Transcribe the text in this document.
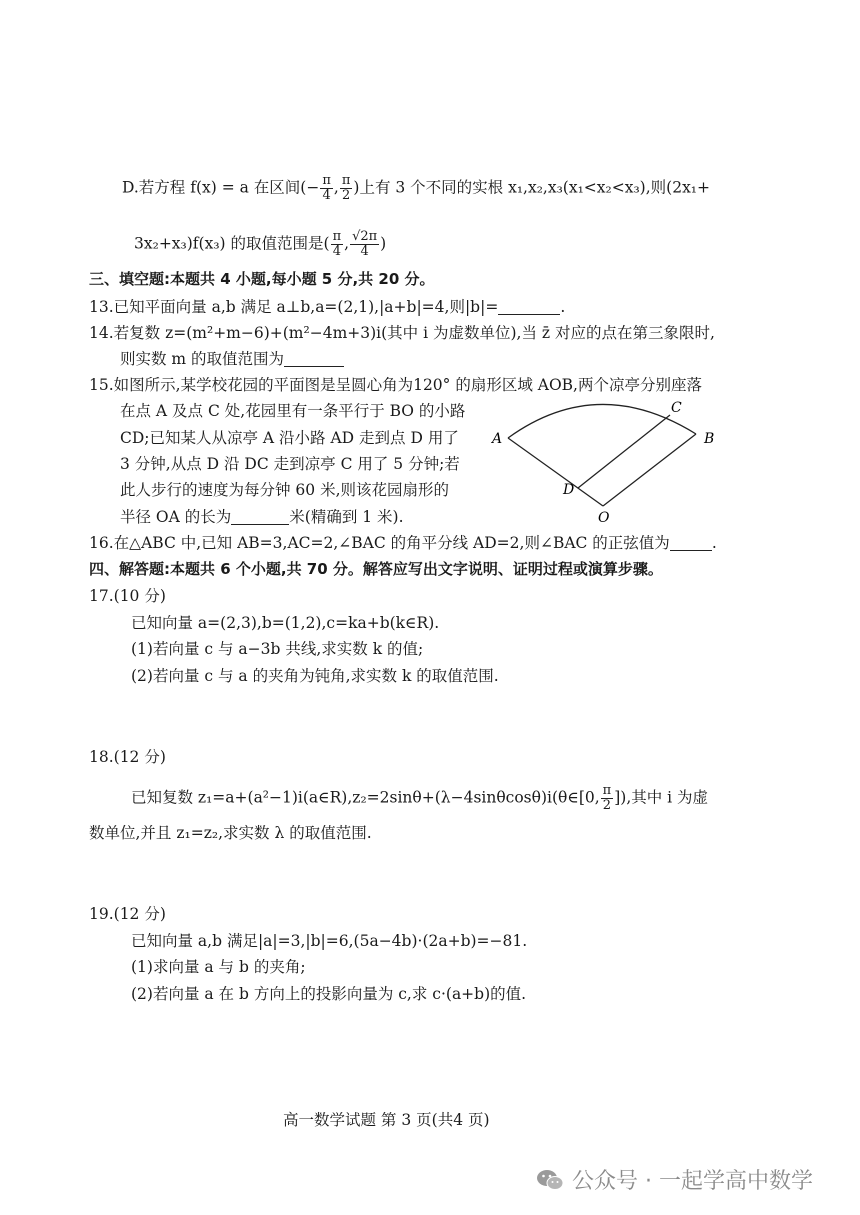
D.若方程 f(x) = a 在区间(− $\frac{\pi}{4}$ , $\frac{\pi}{2}$ )上有 3 个不同的实根 x₁,x₂,x₃(x₁<x₂<x₃),则(2x₁+
3x₂+x₃)f(x₃) 的取值范围是( $\frac{\pi}{4}$ , $\frac{√2\pi}{4}$ )
三、填空题:本题共 4 小题,每小题 5 分,共 20 分。
13.已知平面向量 a,b 满足 a⊥b,a=(2,1),|a+b|=4,则|b|=	.
14.若复数 z=(m²+m−6)+(m²−4m+3)i(其中 i 为虚数单位),当 z̄ 对应的点在第三象限时,
则实数 m 的取值范围为
15.如图所示,某学校花园的平面图是呈圆心角为120° 的扇形区域 AOB,两个凉亭分别座落
在点 A 及点 C 处,花园里有一条平行于 BO 的小路
CD;已知某人从凉亭 A 沿小路 AD 走到点 D 用了
3 分钟,从点 D 沿 DC 走到凉亭 C 用了 5 分钟;若
此人步行的速度为每分钟 60 米,则该花园扇形的
半径 OA 的长为	米(精确到 1 米).
A	B
C
D
O
16.在△ABC 中,已知 AB=3,AC=2,∠BAC 的角平分线 AD=2,则∠BAC 的正弦值为	.
四、解答题:本题共 6 个小题,共 70 分。解答应写出文字说明、证明过程或演算步骤。
17.(10 分)
已知向量 a=(2,3),b=(1,2),c=ka+b(k∈R).
(1)若向量 c 与 a−3b 共线,求实数 k 的值;
(2)若向量 c 与 a 的夹角为钝角,求实数 k 的取值范围.
18.(12 分)
已知复数 z₁=a+(a²−1)i(a∈R),z₂=2sinθ+(λ−4sinθcosθ)i(θ∈[0, $\frac{\pi}{2}$ ]),其中 i 为虚
数单位,并且 z₁=z₂,求实数 λ 的取值范围.
19.(12 分)
已知向量 a,b 满足|a|=3,|b|=6,(5a−4b)·(2a+b)=−81.
(1)求向量 a 与 b 的夹角;
(2)若向量 a 在 b 方向上的投影向量为 c,求 c·(a+b)的值.
高一数学试题 第 3 页(共4 页)
公众号 · 一起学高中数学
